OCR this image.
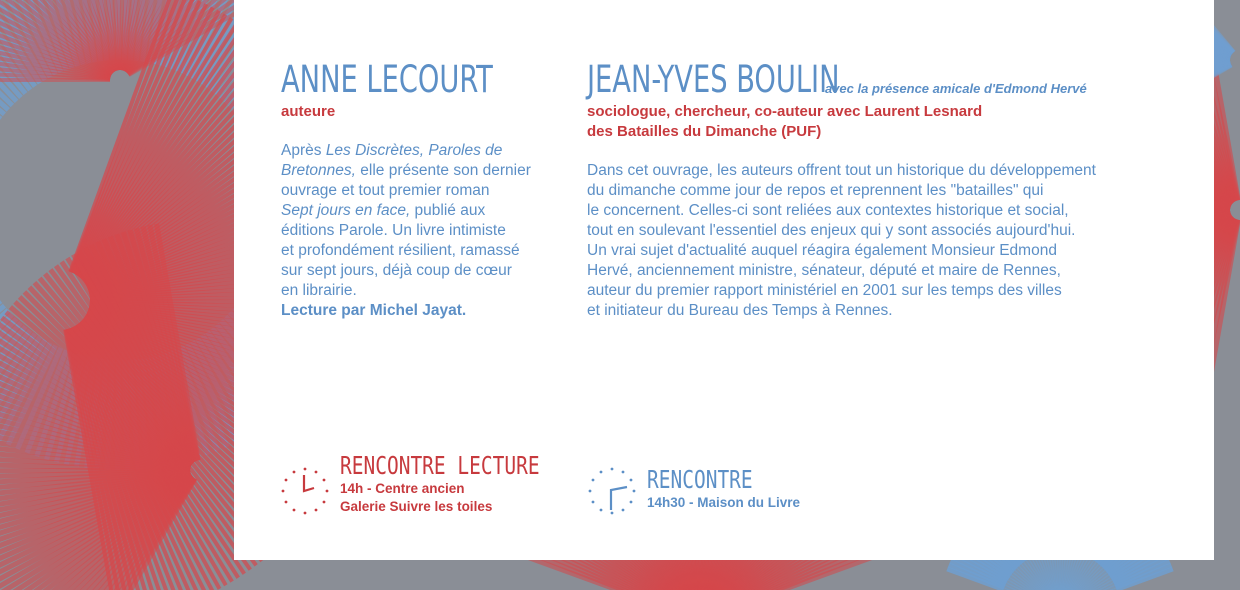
ANNE LECOURT
auteure
Après Les Discrètes, Paroles de
Bretonnes, elle présente son dernier
ouvrage et tout premier roman
Sept jours en face, publié aux
éditions Parole. Un livre intimiste
et profondément résilient, ramassé
sur sept jours, déjà coup de cœur
en librairie.
Lecture par Michel Jayat.
JEAN-YVES BOULIN
avec la présence amicale d'Edmond Hervé
sociologue, chercheur, co-auteur avec Laurent Lesnard
des Batailles du Dimanche (PUF)
Dans cet ouvrage, les auteurs offrent tout un historique du développement
du dimanche comme jour de repos et reprennent les "batailles" qui
le concernent. Celles-ci sont reliées aux contextes historique et social,
tout en soulevant l'essentiel des enjeux qui y sont associés aujourd'hui.
Un vrai sujet d'actualité auquel réagira également Monsieur Edmond
Hervé, anciennement ministre, sénateur, député et maire de Rennes,
auteur du premier rapport ministériel en 2001 sur les temps des villes
et initiateur du Bureau des Temps à Rennes.
RENCONTRE LECTURE
14h - Centre ancien
Galerie Suivre les toiles
RENCONTRE
14h30 - Maison du Livre
